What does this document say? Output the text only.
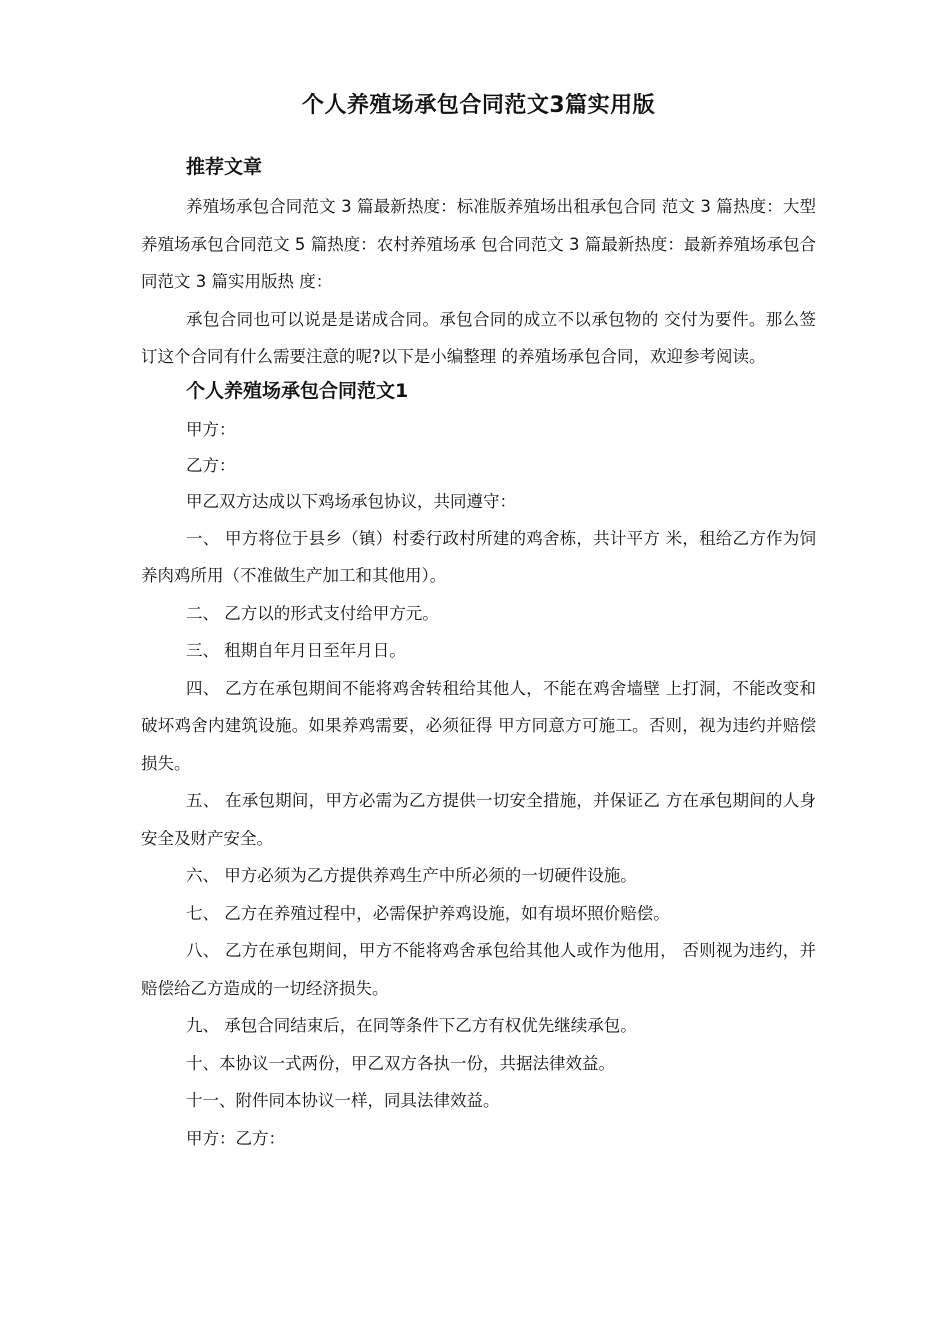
个人养殖场承包合同范文3篇实用版
推荐文章

养殖场承包合同范文 3 篇最新热度：标准版养殖场出租承包合同 范文 3 篇热度：大型养殖场承包合同范文 5 篇热度：农村养殖场承 包合同范文 3 篇最新热度：最新养殖场承包合同范文 3 篇实用版热 度：

承包合同也可以说是是诺成合同。承包合同的成立不以承包物的 交付为要件。那么签订这个合同有什么需要注意的呢?以下是小编整理 的养殖场承包合同，欢迎参考阅读。

个人养殖场承包合同范文1

甲方：

乙方：

甲乙双方达成以下鸡场承包协议，共同遵守：

一、 甲方将位于县乡（镇）村委行政村所建的鸡舍栋，共计平方 米，租给乙方作为饲养肉鸡所用（不准做生产加工和其他用）。

二、 乙方以的形式支付给甲方元。

三、 租期自年月日至年月日。

四、 乙方在承包期间不能将鸡舍转租给其他人，不能在鸡舍墙壁 上打洞，不能改变和破坏鸡舍内建筑设施。如果养鸡需要，必须征得 甲方同意方可施工。否则，视为违约并赔偿损失。

五、 在承包期间，甲方必需为乙方提供一切安全措施，并保证乙 方在承包期间的人身安全及财产安全。

六、 甲方必须为乙方提供养鸡生产中所必须的一切硬件设施。

七、 乙方在养殖过程中，必需保护养鸡设施，如有埙坏照价赔偿。

八、 乙方在承包期间，甲方不能将鸡舍承包给其他人或作为他用， 否则视为违约，并赔偿给乙方造成的一切经济损失。

九、 承包合同结束后，在同等条件下乙方有权优先继续承包。

十、本协议一式两份，甲乙双方各执一份，共据法律效益。

十一、附件同本协议一样，同具法律效益。

甲方：乙方：
